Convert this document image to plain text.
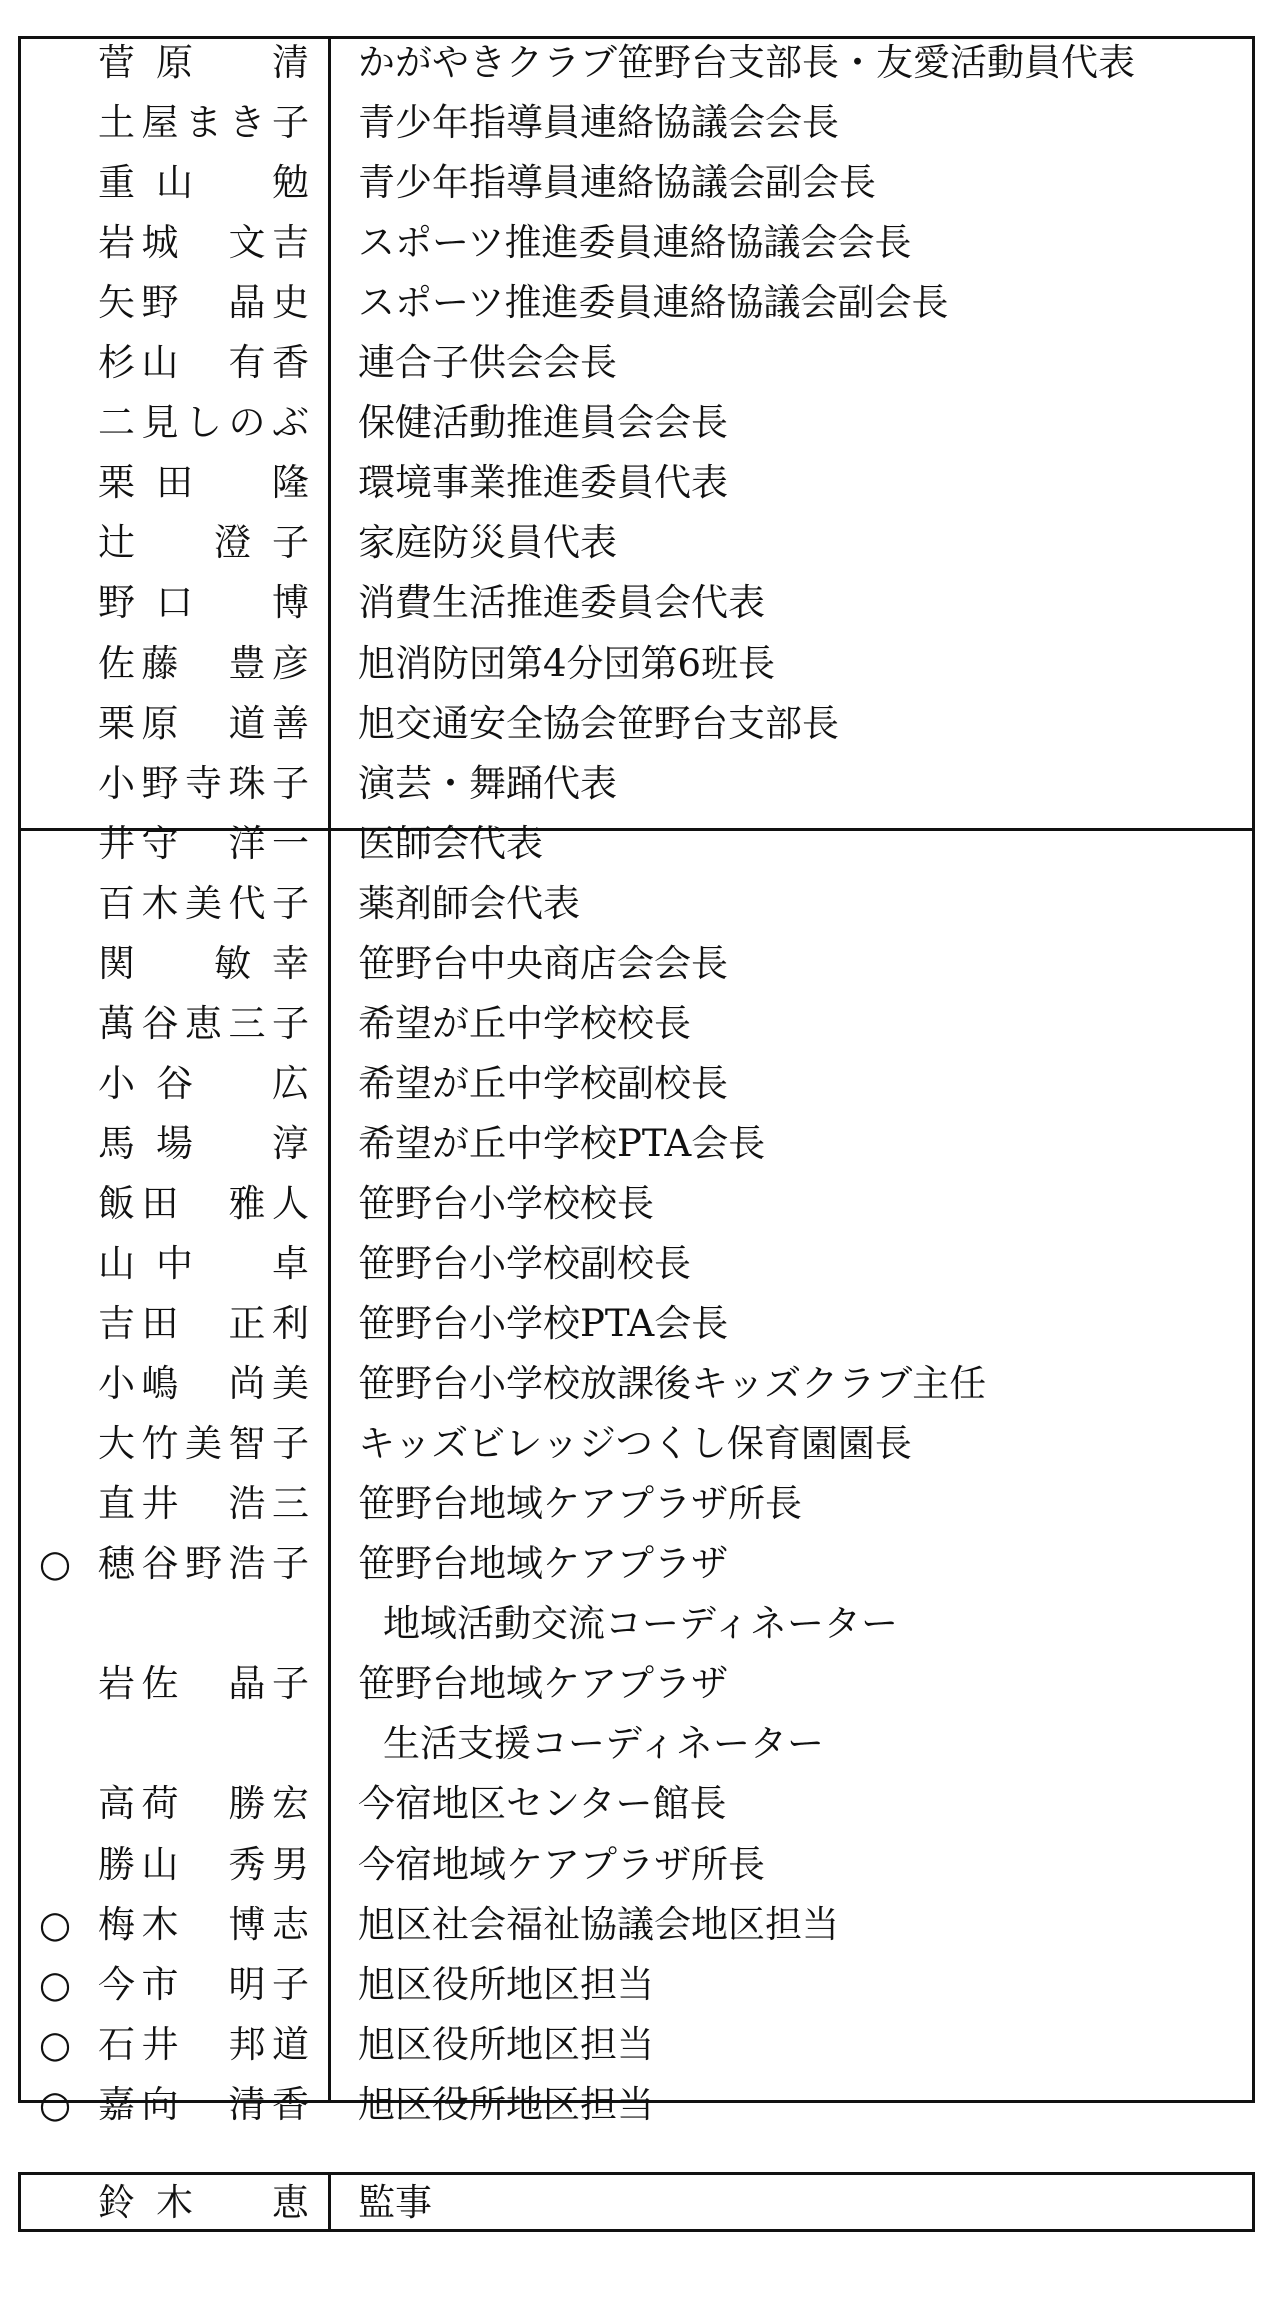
菅原　清 かがやきクラブ笹野台支部長・友愛活動員代表
土屋まき子 青少年指導員連絡協議会会長
重山　勉 青少年指導員連絡協議会副会長
岩城　文吉 スポーツ推進委員連絡協議会会長
矢野　晶史 スポーツ推進委員連絡協議会副会長
杉山　有香 連合子供会会長
二見しのぶ 保健活動推進員会会長
栗田　隆 環境事業推進委員代表
辻　澄子 家庭防災員代表
野口　博 消費生活推進委員会代表
佐藤　豊彦 旭消防団第4分団第6班長
栗原　道善 旭交通安全協会笹野台支部長
小野寺珠子 演芸・舞踊代表
井守　洋一 医師会代表
百木美代子 薬剤師会代表
関　敏幸 笹野台中央商店会会長
萬谷恵三子 希望が丘中学校校長
小谷　広 希望が丘中学校副校長
馬場　淳 希望が丘中学校PTA会長
飯田　雅人 笹野台小学校校長
山中　卓 笹野台小学校副校長
吉田　正利 笹野台小学校PTA会長
小嶋　尚美 笹野台小学校放課後キッズクラブ主任
大竹美智子 キッズビレッジつくし保育園園長
直井　浩三 笹野台地域ケアプラザ所長
○ 穂谷野浩子 笹野台地域ケアプラザ
地域活動交流コーディネーター
岩佐　晶子 笹野台地域ケアプラザ
生活支援コーディネーター
高荷　勝宏 今宿地区センター館長
勝山　秀男 今宿地域ケアプラザ所長
○ 梅木　博志 旭区社会福祉協議会地区担当
○ 今市　明子 旭区役所地区担当
○ 石井　邦道 旭区役所地区担当
○ 嘉向　清香 旭区役所地区担当
鈴木　恵 監事
